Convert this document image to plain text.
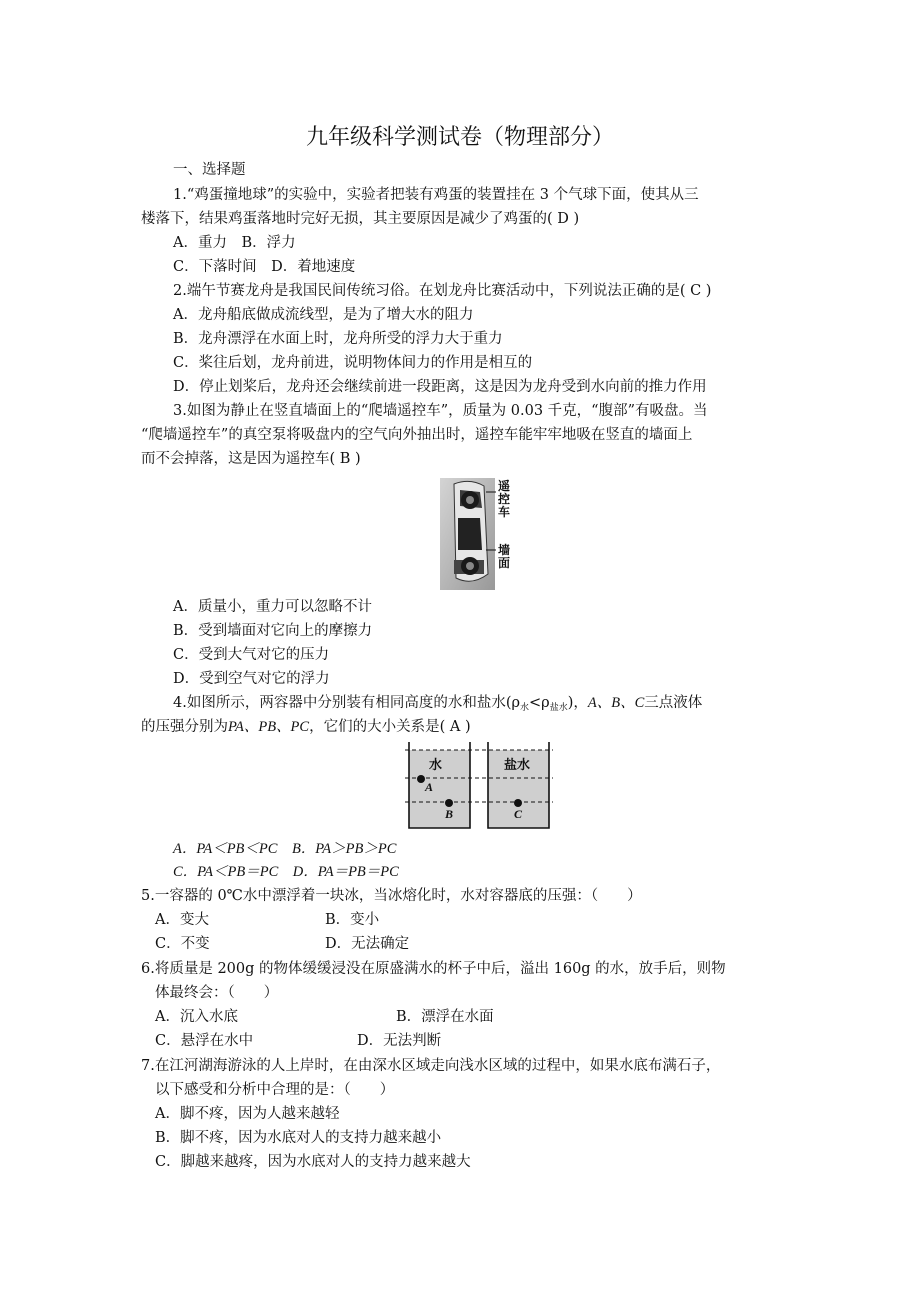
九年级科学测试卷（物理部分）
一、选择题
1.“鸡蛋撞地球”的实验中，实验者把装有鸡蛋的装置挂在 3 个气球下面，使其从三
楼落下，结果鸡蛋落地时完好无损，其主要原因是减少了鸡蛋的( D )
A．重力　B．浮力
C．下落时间　D．着地速度
2.端午节赛龙舟是我国民间传统习俗。在划龙舟比赛活动中，下列说法正确的是( C )
A．龙舟船底做成流线型，是为了增大水的阻力
B．龙舟漂浮在水面上时，龙舟所受的浮力大于重力
C．桨往后划，龙舟前进，说明物体间力的作用是相互的
D．停止划桨后，龙舟还会继续前进一段距离，这是因为龙舟受到水向前的推力作用
3.如图为静止在竖直墙面上的“爬墙遥控车”，质量为 0.03 千克，“腹部”有吸盘。当
“爬墙遥控车”的真空泵将吸盘内的空气向外抽出时，遥控车能牢牢地吸在竖直的墙面上
而不会掉落，这是因为遥控车( B )
遥控车
墙面
A．质量小，重力可以忽略不计
B．受到墙面对它向上的摩擦力
C．受到大气对它的压力
D．受到空气对它的浮力
4.如图所示，两容器中分别装有相同高度的水和盐水$(\rho_水<\rho_{盐水})$，A、B、C三点液体
的压强分别为PA、PB、PC，它们的大小关系是( A )
水	盐水
A
B	C
A．PA＜PB＜PC　B．PA＞PB＞PC
C．PA＜PB＝PC　D．PA＝PB＝PC
5.一容器的 0℃水中漂浮着一块冰，当冰熔化时，水对容器底的压强：（　　）
A．变大	B．变小
C．不变	D．无法确定
6.将质量是 200g 的物体缓缓浸没在原盛满水的杯子中后，溢出 160g 的水，放手后，则物
体最终会：（　　）
A．沉入水底	B．漂浮在水面
C．悬浮在水中	D．无法判断
7.在江河湖海游泳的人上岸时，在由深水区域走向浅水区域的过程中，如果水底布满石子，
以下感受和分析中合理的是：（　　）
A．脚不疼，因为人越来越轻
B．脚不疼，因为水底对人的支持力越来越小
C．脚越来越疼，因为水底对人的支持力越来越大
